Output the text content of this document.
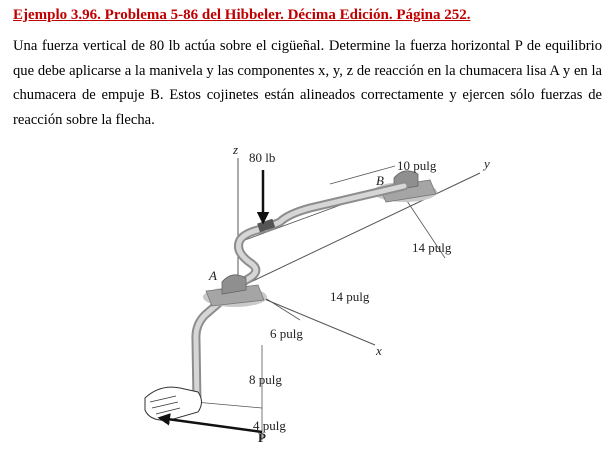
Ejemplo 3.96. Problema 5-86 del Hibbeler. Décima Edición. Página 252.

Una fuerza vertical de 80 lb actúa sobre el cigüeñal. Determine la fuerza horizontal P de equilibrio que debe aplicarse a la manivela y las componentes x, y, z de reacción en la chumacera lisa A y en la chumacera de empuje B. Estos cojinetes están alineados correctamente y ejercen sólo fuerzas de reacción sobre la flecha.

z
y
x
80 lb
A
B
P
10 pulg
14 pulg
14 pulg
6 pulg
8 pulg
4 pulg
